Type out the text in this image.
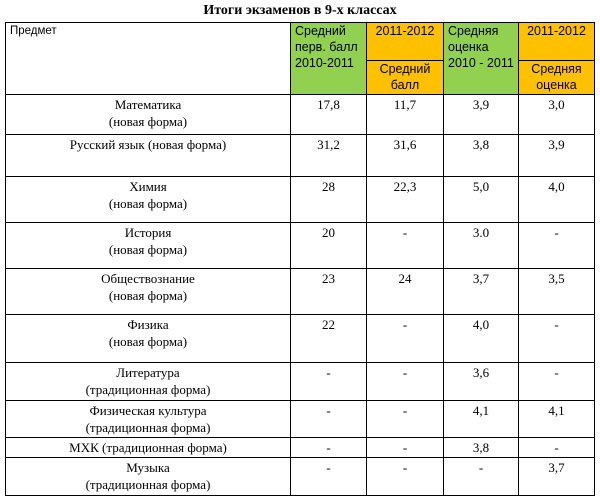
Итоги экзаменов в 9-х классах
Предмет	Средний перв. балл 2010-2011	2011-2012	Средняя оценка 2010 - 2011	2011-2012
		Средний балл		Средняя оценка

Математика
(новая форма)	17,8	11,7	3,9	3,0

Русский язык (новая форма)	31,2	31,6	3,8	3,9

Химия
(новая форма)	28	22,3	5,0	4,0

История
(новая форма)	20	-	3.0	-

Обществознание
(новая форма)	23	24	3,7	3,5

Физика
(новая форма)	22	-	4,0	-

Литература
(традиционная форма)	-	-	3,6	-

Физическая культура
(традиционная форма)	-	-	4,1	4,1

МХК (традиционная форма)	-	-	3,8	-

Музыка
(традиционная форма)	-	-	-	3,7
